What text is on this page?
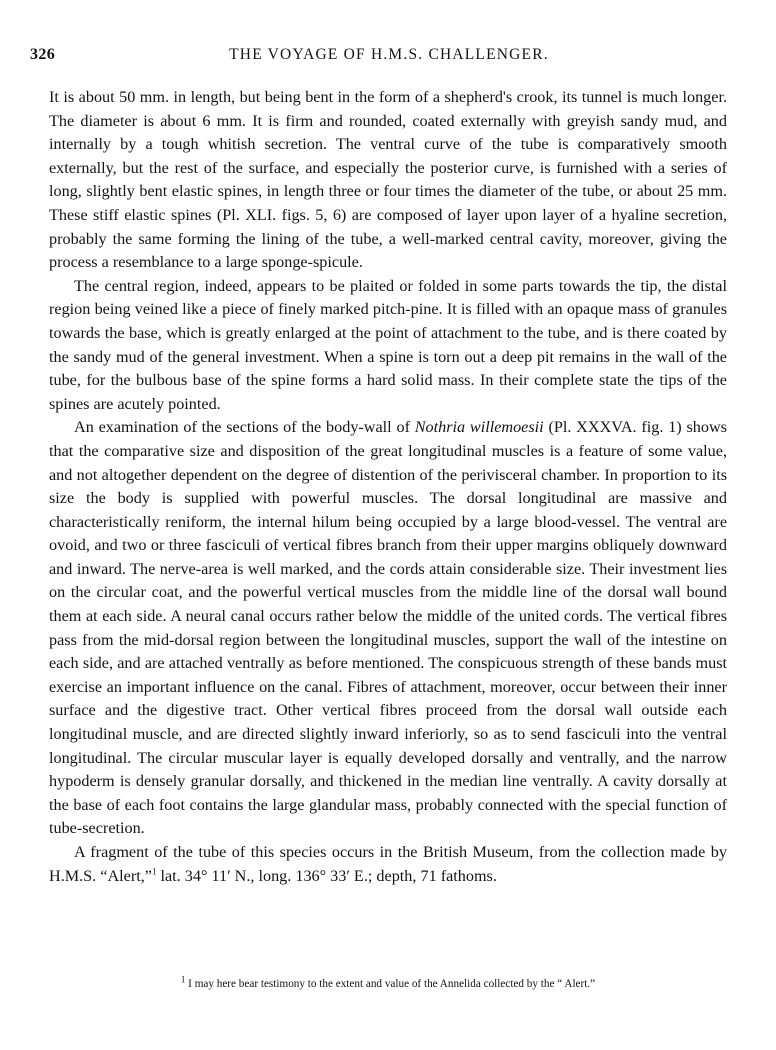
326	THE VOYAGE OF H.M.S. CHALLENGER.

It is about 50 mm. in length, but being bent in the form of a shepherd's crook, its tunnel is much longer. The diameter is about 6 mm. It is firm and rounded, coated externally with greyish sandy mud, and internally by a tough whitish secretion. The ventral curve of the tube is comparatively smooth externally, but the rest of the surface, and especially the posterior curve, is furnished with a series of long, slightly bent elastic spines, in length three or four times the diameter of the tube, or about 25 mm. These stiff elastic spines (Pl. XLI. figs. 5, 6) are composed of layer upon layer of a hyaline secretion, probably the same forming the lining of the tube, a well-marked central cavity, moreover, giving the process a resemblance to a large sponge-spicule.

The central region, indeed, appears to be plaited or folded in some parts towards the tip, the distal region being veined like a piece of finely marked pitch-pine. It is filled with an opaque mass of granules towards the base, which is greatly enlarged at the point of attachment to the tube, and is there coated by the sandy mud of the general investment. When a spine is torn out a deep pit remains in the wall of the tube, for the bulbous base of the spine forms a hard solid mass. In their complete state the tips of the spines are acutely pointed.

An examination of the sections of the body-wall of Nothria willemoesii (Pl. XXXVA. fig. 1) shows that the comparative size and disposition of the great longitudinal muscles is a feature of some value, and not altogether dependent on the degree of distention of the perivisceral chamber. In proportion to its size the body is supplied with powerful muscles. The dorsal longitudinal are massive and characteristically reniform, the internal hilum being occupied by a large blood-vessel. The ventral are ovoid, and two or three fasciculi of vertical fibres branch from their upper margins obliquely downward and inward. The nerve-area is well marked, and the cords attain considerable size. Their investment lies on the circular coat, and the powerful vertical muscles from the middle line of the dorsal wall bound them at each side. A neural canal occurs rather below the middle of the united cords. The vertical fibres pass from the mid-dorsal region between the longitudinal muscles, support the wall of the intestine on each side, and are attached ventrally as before mentioned. The conspicuous strength of these bands must exercise an important influence on the canal. Fibres of attachment, moreover, occur between their inner surface and the digestive tract. Other vertical fibres proceed from the dorsal wall outside each longitudinal muscle, and are directed slightly inward inferiorly, so as to send fasciculi into the ventral longitudinal. The circular muscular layer is equally developed dorsally and ventrally, and the narrow hypoderm is densely granular dorsally, and thickened in the median line ventrally. A cavity dorsally at the base of each foot contains the large glandular mass, probably connected with the special function of tube-secretion.

A fragment of the tube of this species occurs in the British Museum, from the collection made by H.M.S. “Alert,”$^1$ lat. 34° 11′ N., long. 136° 33′ E.; depth, 71 fathoms.

$^1$ I may here bear testimony to the extent and value of the Annelida collected by the “ Alert.”
